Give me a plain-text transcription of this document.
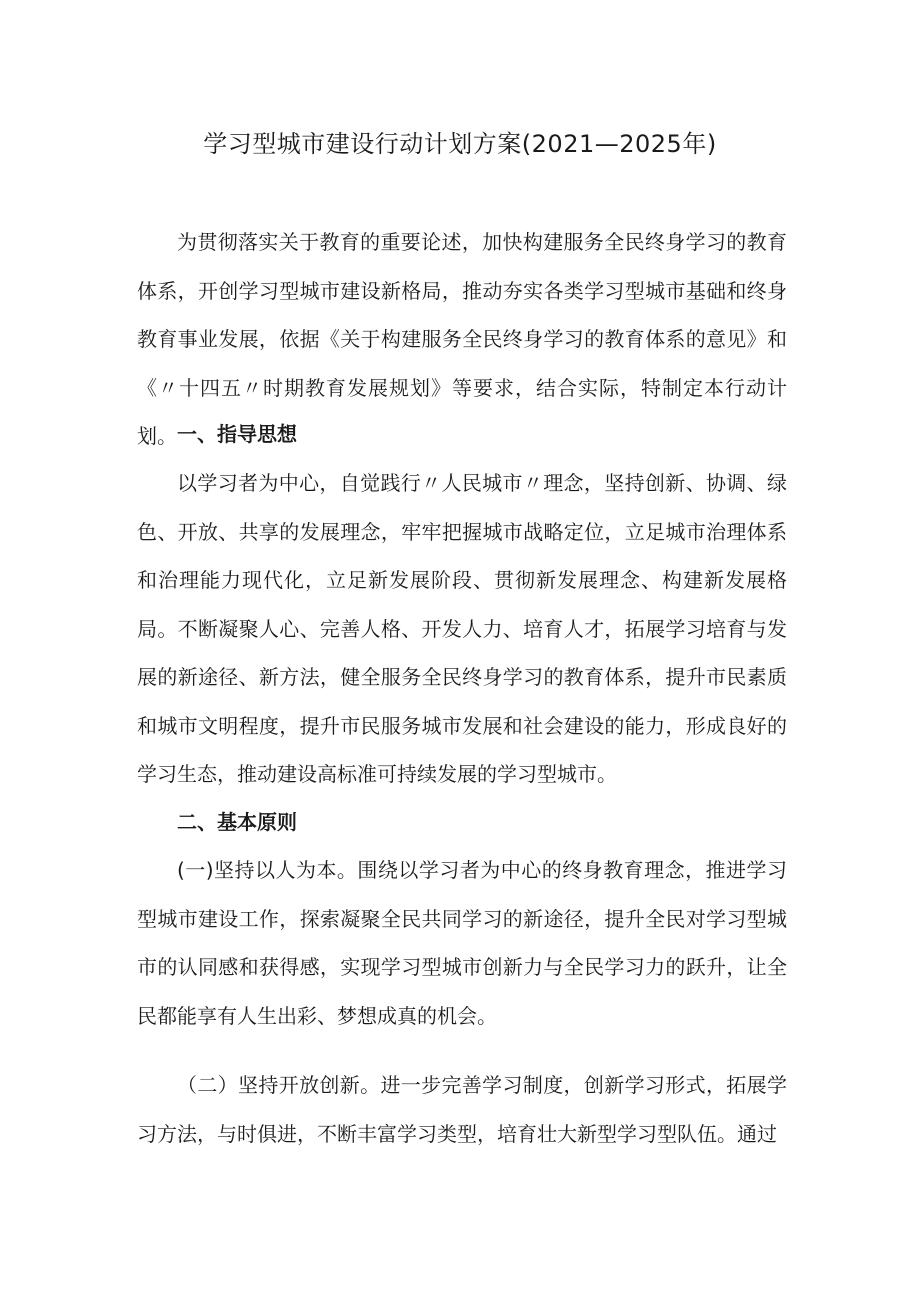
学习型城市建设行动计划方案(2021—2025年)

为贯彻落实关于教育的重要论述，加快构建服务全民终身学习的教育体系，开创学习型城市建设新格局，推动夯实各类学习型城市基础和终身教育事业发展，依据《关于构建服务全民终身学习的教育体系的意见》和《〃十四五〃时期教育发展规划》等要求，结合实际，特制定本行动计划。 一、指导思想

以学习者为中心，自觉践行〃人民城市〃理念，坚持创新、协调、绿色、开放、共享的发展理念，牢牢把握城市战略定位，立足城市治理体系和治理能力现代化，立足新发展阶段、贯彻新发展理念、构建新发展格局。不断凝聚人心、完善人格、开发人力、培育人才，拓展学习培育与发展的新途径、新方法，健全服务全民终身学习的教育体系，提升市民素质和城市文明程度，提升市民服务城市发展和社会建设的能力，形成良好的学习生态，推动建设高标准可持续发展的学习型城市。

二、基本原则

(一)坚持以人为本。围绕以学习者为中心的终身教育理念，推进学习型城市建设工作，探索凝聚全民共同学习的新途径，提升全民对学习型城市的认同感和获得感，实现学习型城市创新力与全民学习力的跃升，让全民都能享有人生出彩、梦想成真的机会。

（二）坚持开放创新。进一步完善学习制度，创新学习形式，拓展学习方法，与时俱进，不断丰富学习类型，培育壮大新型学习型队伍。通过
